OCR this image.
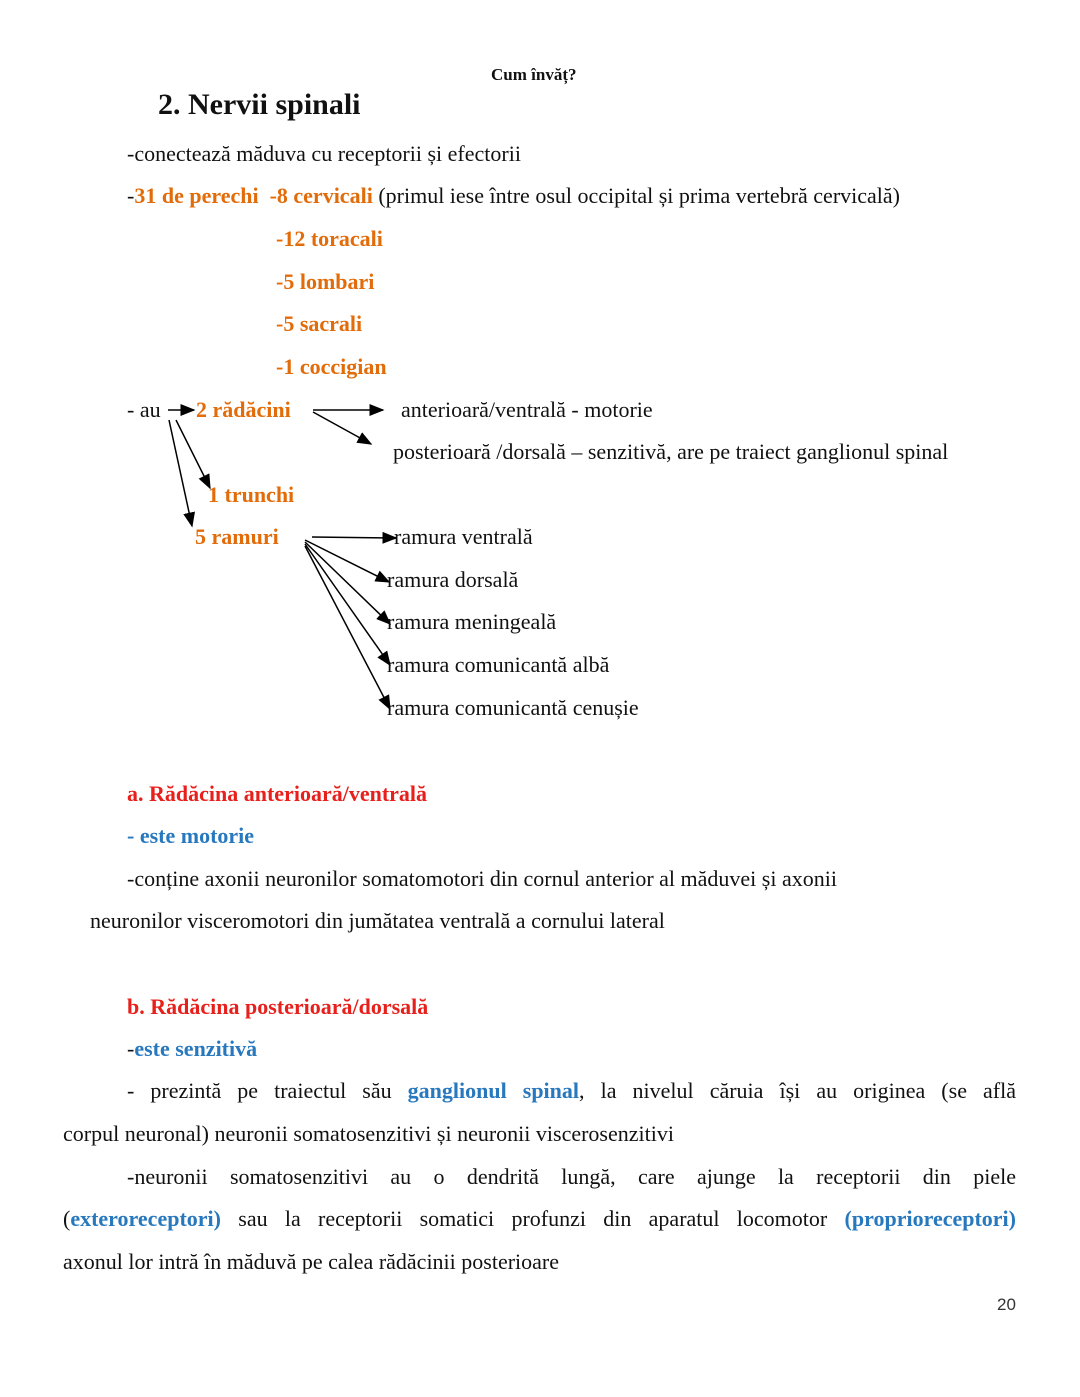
Cum învăț?
2. Nervii spinali
-conectează măduva cu receptorii și efectorii
-31 de perechi -8 cervicali (primul iese între osul occipital și prima vertebră cervicală)
-12 toracali
-5 lombari
-5 sacrali
-1 coccigian
- au 2 rădăcini	anterioară/ventrală - motorie
posterioară /dorsală – senzitivă, are pe traiect ganglionul spinal
1 trunchi
5 ramuri	ramura ventrală
ramura dorsală
ramura meningeală
ramura comunicantă albă
ramura comunicantă cenușie
a. Rădăcina anterioară/ventrală
- este motorie
-conține axonii neuronilor somatomotori din cornul anterior al măduvei și axonii
neuronilor visceromotori din jumătatea ventrală a cornului lateral
b. Rădăcina posterioară/dorsală
-este senzitivă
- prezintă pe traiectul său ganglionul spinal, la nivelul căruia își au originea (se află
corpul neuronal) neuronii somatosenzitivi și neuronii viscerosenzitivi
-neuronii somatosenzitivi au o dendrită lungă, care ajunge la receptorii din piele
(exteroreceptori) sau la receptorii somatici profunzi din aparatul locomotor (proprioreceptori)
axonul lor intră în măduvă pe calea rădăcinii posterioare
20
